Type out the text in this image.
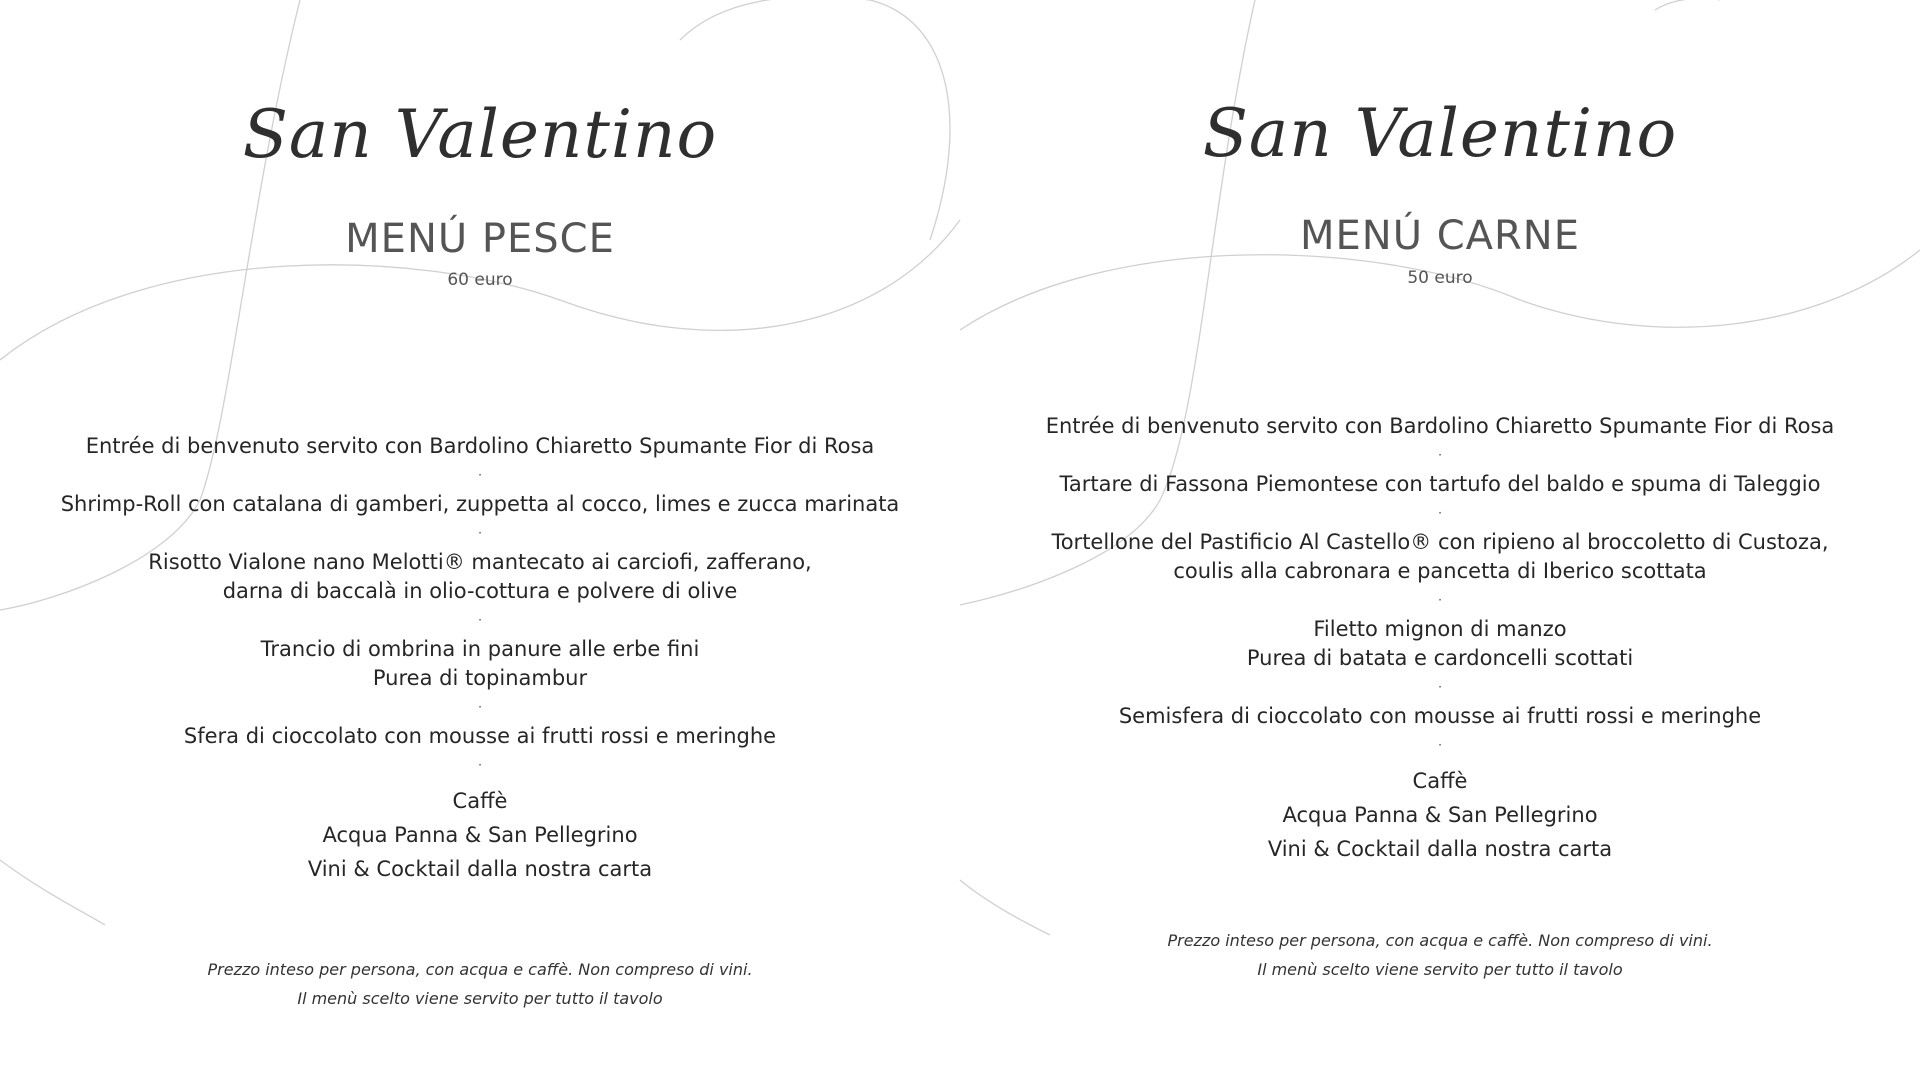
San Valentino
MENÚ PESCE
60 euro
Entrée di benvenuto servito con Bardolino Chiaretto Spumante Fior di Rosa
·
Shrimp-Roll con catalana di gamberi, zuppetta al cocco, limes e zucca marinata
·
Risotto Vialone nano Melotti® mantecato ai carciofi, zafferano,
darna di baccalà in olio-cottura e polvere di olive
·
Trancio di ombrina in panure alle erbe fini
Purea di topinambur
·
Sfera di cioccolato con mousse ai frutti rossi e meringhe
·
Caffè
Acqua Panna & San Pellegrino
Vini & Cocktail dalla nostra carta
Prezzo inteso per persona, con acqua e caffè. Non compreso di vini.
Il menù scelto viene servito per tutto il tavolo
San Valentino
MENÚ CARNE
50 euro
Entrée di benvenuto servito con Bardolino Chiaretto Spumante Fior di Rosa
·
Tartare di Fassona Piemontese con tartufo del baldo e spuma di Taleggio
·
Tortellone del Pastificio Al Castello® con ripieno al broccoletto di Custoza,
coulis alla cabronara e pancetta di Iberico scottata
·
Filetto mignon di manzo
Purea di batata e cardoncelli scottati
·
Semisfera di cioccolato con mousse ai frutti rossi e meringhe
·
Caffè
Acqua Panna & San Pellegrino
Vini & Cocktail dalla nostra carta
Prezzo inteso per persona, con acqua e caffè. Non compreso di vini.
Il menù scelto viene servito per tutto il tavolo
